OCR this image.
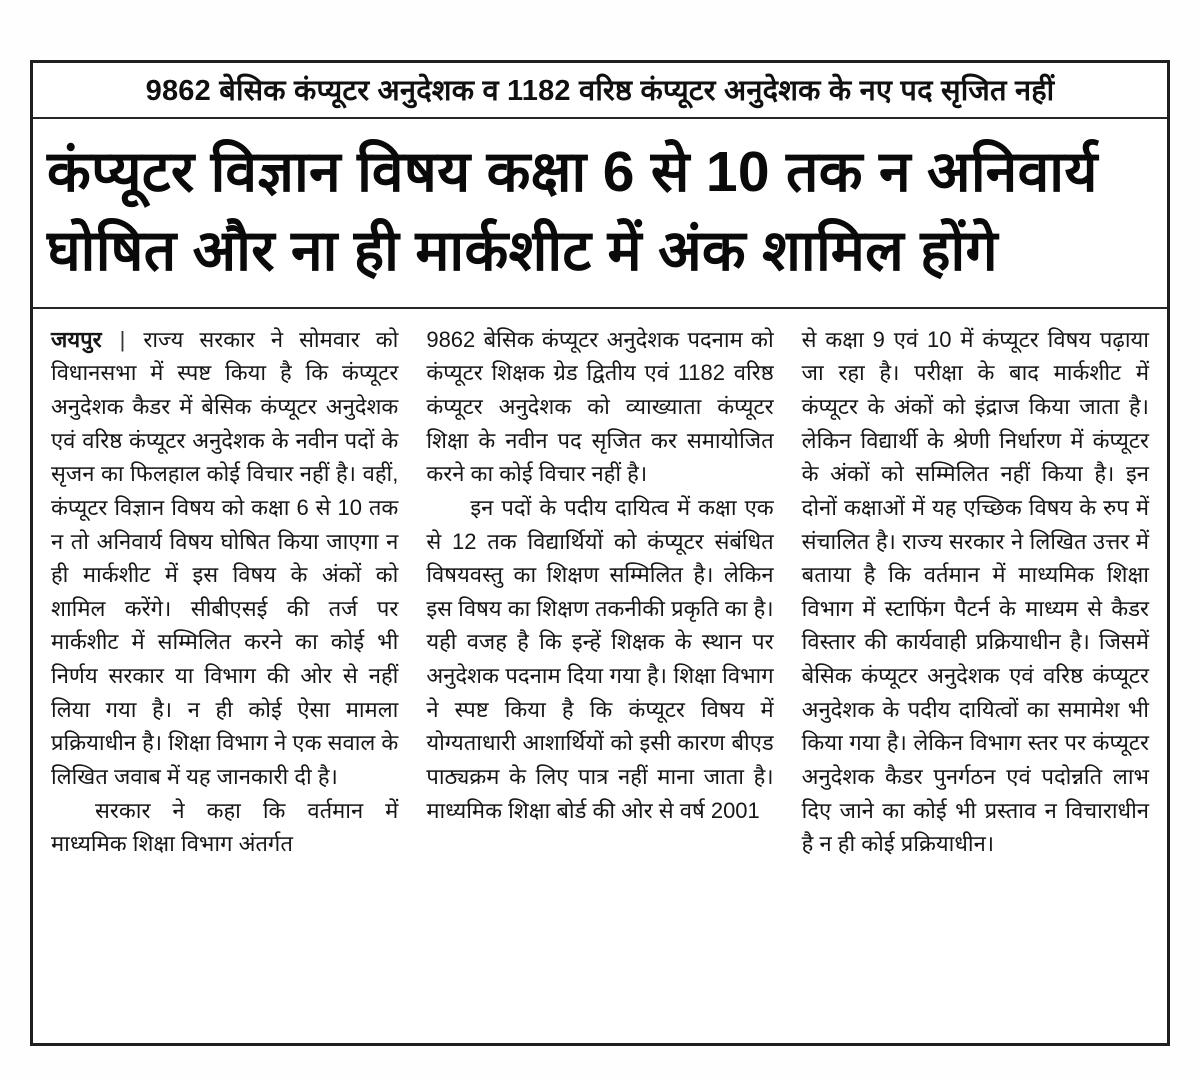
9862 बेसिक कंप्यूटर अनुदेशक व 1182 वरिष्ठ कंप्यूटर अनुदेशक के नए पद सृजित नहीं
कंप्यूटर विज्ञान विषय कक्षा 6 से 10 तक न अनिवार्य
घोषित और ना ही मार्कशीट में अंक शामिल होंगे

जयपुर | राज्य सरकार ने सोमवार को विधानसभा में स्पष्ट किया है कि कंप्यूटर अनुदेशक कैडर में बेसिक कंप्यूटर अनुदेशक एवं वरिष्ठ कंप्यूटर अनुदेशक के नवीन पदों के सृजन का फिलहाल कोई विचार नहीं है। वहीं, कंप्यूटर विज्ञान विषय को कक्षा 6 से 10 तक न तो अनिवार्य विषय घोषित किया जाएगा न ही मार्कशीट में इस विषय के अंकों को शामिल करेंगे। सीबीएसई की तर्ज पर मार्कशीट में सम्मिलित करने का कोई भी निर्णय सरकार या विभाग की ओर से नहीं लिया गया है। न ही कोई ऐसा मामला प्रक्रियाधीन है। शिक्षा विभाग ने एक सवाल के लिखित जवाब में यह जानकारी दी है।

सरकार ने कहा कि वर्तमान में माध्यमिक शिक्षा विभाग अंतर्गत

9862 बेसिक कंप्यूटर अनुदेशक पदनाम को कंप्यूटर शिक्षक ग्रेड द्वितीय एवं 1182 वरिष्ठ कंप्यूटर अनुदेशक को व्याख्याता कंप्यूटर शिक्षा के नवीन पद सृजित कर समायोजित करने का कोई विचार नहीं है।

इन पदों के पदीय दायित्व में कक्षा एक से 12 तक विद्यार्थियों को कंप्यूटर संबंधित विषयवस्तु का शिक्षण सम्मिलित है। लेकिन इस विषय का शिक्षण तकनीकी प्रकृति का है। यही वजह है कि इन्हें शिक्षक के स्थान पर अनुदेशक पदनाम दिया गया है। शिक्षा विभाग ने स्पष्ट किया है कि कंप्यूटर विषय में योग्यताधारी आशार्थियों को इसी कारण बीएड पाठ्यक्रम के लिए पात्र नहीं माना जाता है। माध्यमिक शिक्षा बोर्ड की ओर से वर्ष 2001

से कक्षा 9 एवं 10 में कंप्यूटर विषय पढ़ाया जा रहा है। परीक्षा के बाद मार्कशीट में कंप्यूटर के अंकों को इंद्राज किया जाता है। लेकिन विद्यार्थी के श्रेणी निर्धारण में कंप्यूटर के अंकों को सम्मिलित नहीं किया है। इन दोनों कक्षाओं में यह एच्छिक विषय के रुप में संचालित है। राज्य सरकार ने लिखित उत्तर में बताया है कि वर्तमान में माध्यमिक शिक्षा विभाग में स्टाफिंग पैटर्न के माध्यम से कैडर विस्तार की कार्यवाही प्रक्रियाधीन है। जिसमें बेसिक कंप्यूटर अनुदेशक एवं वरिष्ठ कंप्यूटर अनुदेशक के पदीय दायित्वों का समामेश भी किया गया है। लेकिन विभाग स्तर पर कंप्यूटर अनुदेशक कैडर पुनर्गठन एवं पदोन्नति लाभ दिए जाने का कोई भी प्रस्ताव न विचाराधीन है न ही कोई प्रक्रियाधीन।
